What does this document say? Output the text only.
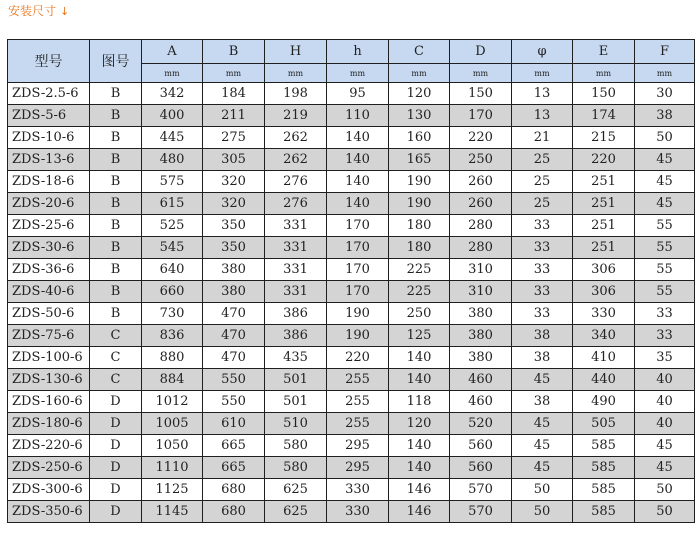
安装尺寸 ↓
型号	图号	A	B	H	h	C	D	φ	E	F
		mm	mm	mm	mm	mm	mm	mm	mm	mm
ZDS-2.5-6	B	342	184	198	95	120	150	13	150	30
ZDS-5-6	B	400	211	219	110	130	170	13	174	38
ZDS-10-6	B	445	275	262	140	160	220	21	215	50
ZDS-13-6	B	480	305	262	140	165	250	25	220	45
ZDS-18-6	B	575	320	276	140	190	260	25	251	45
ZDS-20-6	B	615	320	276	140	190	260	25	251	45
ZDS-25-6	B	525	350	331	170	180	280	33	251	55
ZDS-30-6	B	545	350	331	170	180	280	33	251	55
ZDS-36-6	B	640	380	331	170	225	310	33	306	55
ZDS-40-6	B	660	380	331	170	225	310	33	306	55
ZDS-50-6	B	730	470	386	190	250	380	33	330	33
ZDS-75-6	C	836	470	386	190	125	380	38	340	33
ZDS-100-6	C	880	470	435	220	140	380	38	410	35
ZDS-130-6	C	884	550	501	255	140	460	45	440	40
ZDS-160-6	D	1012	550	501	255	118	460	38	490	40
ZDS-180-6	D	1005	610	510	255	120	520	45	505	40
ZDS-220-6	D	1050	665	580	295	140	560	45	585	45
ZDS-250-6	D	1110	665	580	295	140	560	45	585	45
ZDS-300-6	D	1125	680	625	330	146	570	50	585	50
ZDS-350-6	D	1145	680	625	330	146	570	50	585	50
